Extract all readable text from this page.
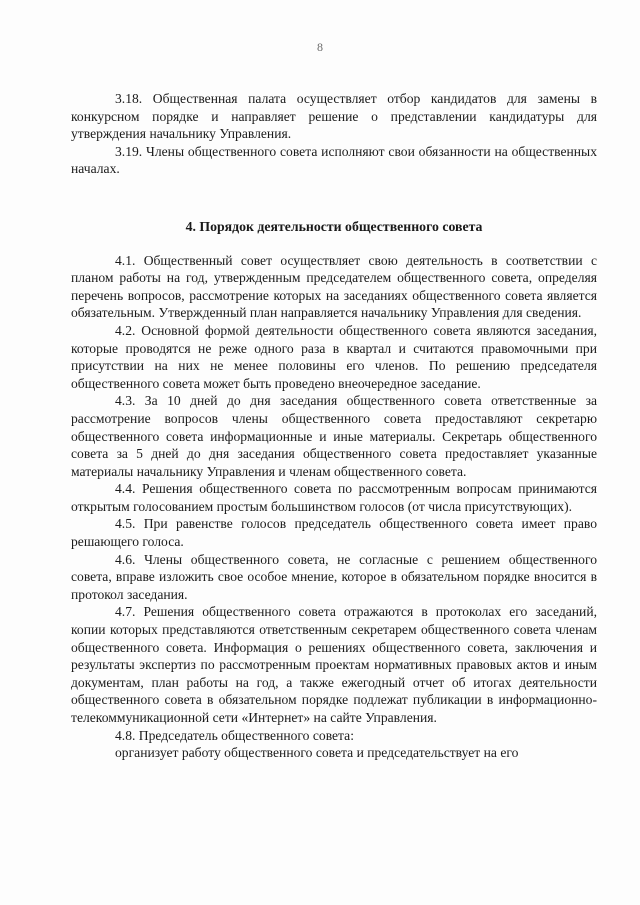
8

3.18. Общественная палата осуществляет отбор кандидатов для замены в конкурсном порядке и направляет решение о представлении кандидатуры для утверждения начальнику Управления.

3.19. Члены общественного совета исполняют свои обязанности на общественных началах.

4. Порядок деятельности общественного совета

4.1. Общественный совет осуществляет свою деятельность в соответствии с планом работы на год, утвержденным председателем общественного совета, определяя перечень вопросов, рассмотрение которых на заседаниях общественного совета является обязательным. Утвержденный план направляется начальнику Управления для сведения.

4.2. Основной формой деятельности общественного совета являются заседания, которые проводятся не реже одного раза в квартал и считаются правомочными при присутствии на них не менее половины его членов. По решению председателя общественного совета может быть проведено внеочередное заседание.

4.3. За 10 дней до дня заседания общественного совета ответственные за рассмотрение вопросов члены общественного совета предоставляют секретарю общественного совета информационные и иные материалы. Секретарь общественного совета за 5 дней до дня заседания общественного совета предоставляет указанные материалы начальнику Управления и членам общественного совета.

4.4. Решения общественного совета по рассмотренным вопросам принимаются открытым голосованием простым большинством голосов (от числа присутствующих).

4.5. При равенстве голосов председатель общественного совета имеет право решающего голоса.

4.6. Члены общественного совета, не согласные с решением общественного совета, вправе изложить свое особое мнение, которое в обязательном порядке вносится в протокол заседания.

4.7. Решения общественного совета отражаются в протоколах его заседаний, копии которых представляются ответственным секретарем общественного совета членам общественного совета. Информация о решениях общественного совета, заключения и результаты экспертиз по рассмотренным проектам нормативных правовых актов и иным документам, план работы на год, а также ежегодный отчет об итогах деятельности общественного совета в обязательном порядке подлежат публикации в информационно-телекоммуникационной сети «Интернет» на сайте Управления.

4.8. Председатель общественного совета:

организует работу общественного совета и председательствует на его
